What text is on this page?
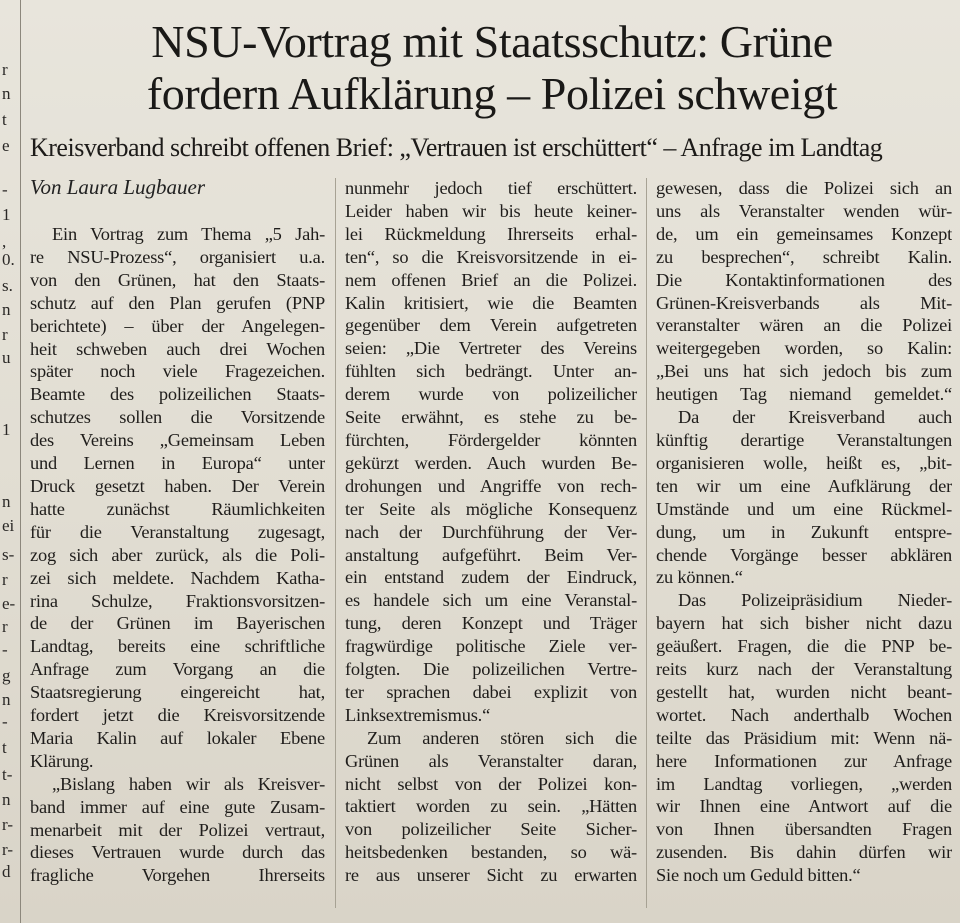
r
n
t
e
-
1
,
0.
s.
n
r
u
1
n
ei
s-
r
e-
r
-
g
n
-
t
t-
n
r-
r-
d
NSU-Vortrag mit Staatsschutz: Grüne
fordern Aufklärung – Polizei schweigt
Kreisverband schreibt offenen Brief: „Vertrauen ist erschüttert“ – Anfrage im Landtag
Von Laura Lugbauer
Ein Vortrag zum Thema „5 Jah-
re NSU-Prozess“, organisiert u.a.
von den Grünen, hat den Staats-
schutz auf den Plan gerufen (PNP
berichtete) – über der Angelegen-
heit schweben auch drei Wochen
später noch viele Fragezeichen.
Beamte des polizeilichen Staats-
schutzes sollen die Vorsitzende
des Vereins „Gemeinsam Leben
und Lernen in Europa“ unter
Druck gesetzt haben. Der Verein
hatte zunächst Räumlichkeiten
für die Veranstaltung zugesagt,
zog sich aber zurück, als die Poli-
zei sich meldete. Nachdem Katha-
rina Schulze, Fraktionsvorsitzen-
de der Grünen im Bayerischen
Landtag, bereits eine schriftliche
Anfrage zum Vorgang an die
Staatsregierung eingereicht hat,
fordert jetzt die Kreisvorsitzende
Maria Kalin auf lokaler Ebene
Klärung.
„Bislang haben wir als Kreisver-
band immer auf eine gute Zusam-
menarbeit mit der Polizei vertraut,
dieses Vertrauen wurde durch das
fragliche Vorgehen Ihrerseits
nunmehr jedoch tief erschüttert.
Leider haben wir bis heute keiner-
lei Rückmeldung Ihrerseits erhal-
ten“, so die Kreisvorsitzende in ei-
nem offenen Brief an die Polizei.
Kalin kritisiert, wie die Beamten
gegenüber dem Verein aufgetreten
seien: „Die Vertreter des Vereins
fühlten sich bedrängt. Unter an-
derem wurde von polizeilicher
Seite erwähnt, es stehe zu be-
fürchten, Fördergelder könnten
gekürzt werden. Auch wurden Be-
drohungen und Angriffe von rech-
ter Seite als mögliche Konsequenz
nach der Durchführung der Ver-
anstaltung aufgeführt. Beim Ver-
ein entstand zudem der Eindruck,
es handele sich um eine Veranstal-
tung, deren Konzept und Träger
fragwürdige politische Ziele ver-
folgten. Die polizeilichen Vertre-
ter sprachen dabei explizit von
Linksextremismus.“
Zum anderen stören sich die
Grünen als Veranstalter daran,
nicht selbst von der Polizei kon-
taktiert worden zu sein. „Hätten
von polizeilicher Seite Sicher-
heitsbedenken bestanden, so wä-
re aus unserer Sicht zu erwarten
gewesen, dass die Polizei sich an
uns als Veranstalter wenden wür-
de, um ein gemeinsames Konzept
zu besprechen“, schreibt Kalin.
Die Kontaktinformationen des
Grünen-Kreisverbands als Mit-
veranstalter wären an die Polizei
weitergegeben worden, so Kalin:
„Bei uns hat sich jedoch bis zum
heutigen Tag niemand gemeldet.“
Da der Kreisverband auch
künftig derartige Veranstaltungen
organisieren wolle, heißt es, „bit-
ten wir um eine Aufklärung der
Umstände und um eine Rückmel-
dung, um in Zukunft entspre-
chende Vorgänge besser abklären
zu können.“
Das Polizeipräsidium Nieder-
bayern hat sich bisher nicht dazu
geäußert. Fragen, die die PNP be-
reits kurz nach der Veranstaltung
gestellt hat, wurden nicht beant-
wortet. Nach anderthalb Wochen
teilte das Präsidium mit: Wenn nä-
here Informationen zur Anfrage
im Landtag vorliegen, „werden
wir Ihnen eine Antwort auf die
von Ihnen übersandten Fragen
zusenden. Bis dahin dürfen wir
Sie noch um Geduld bitten.“
